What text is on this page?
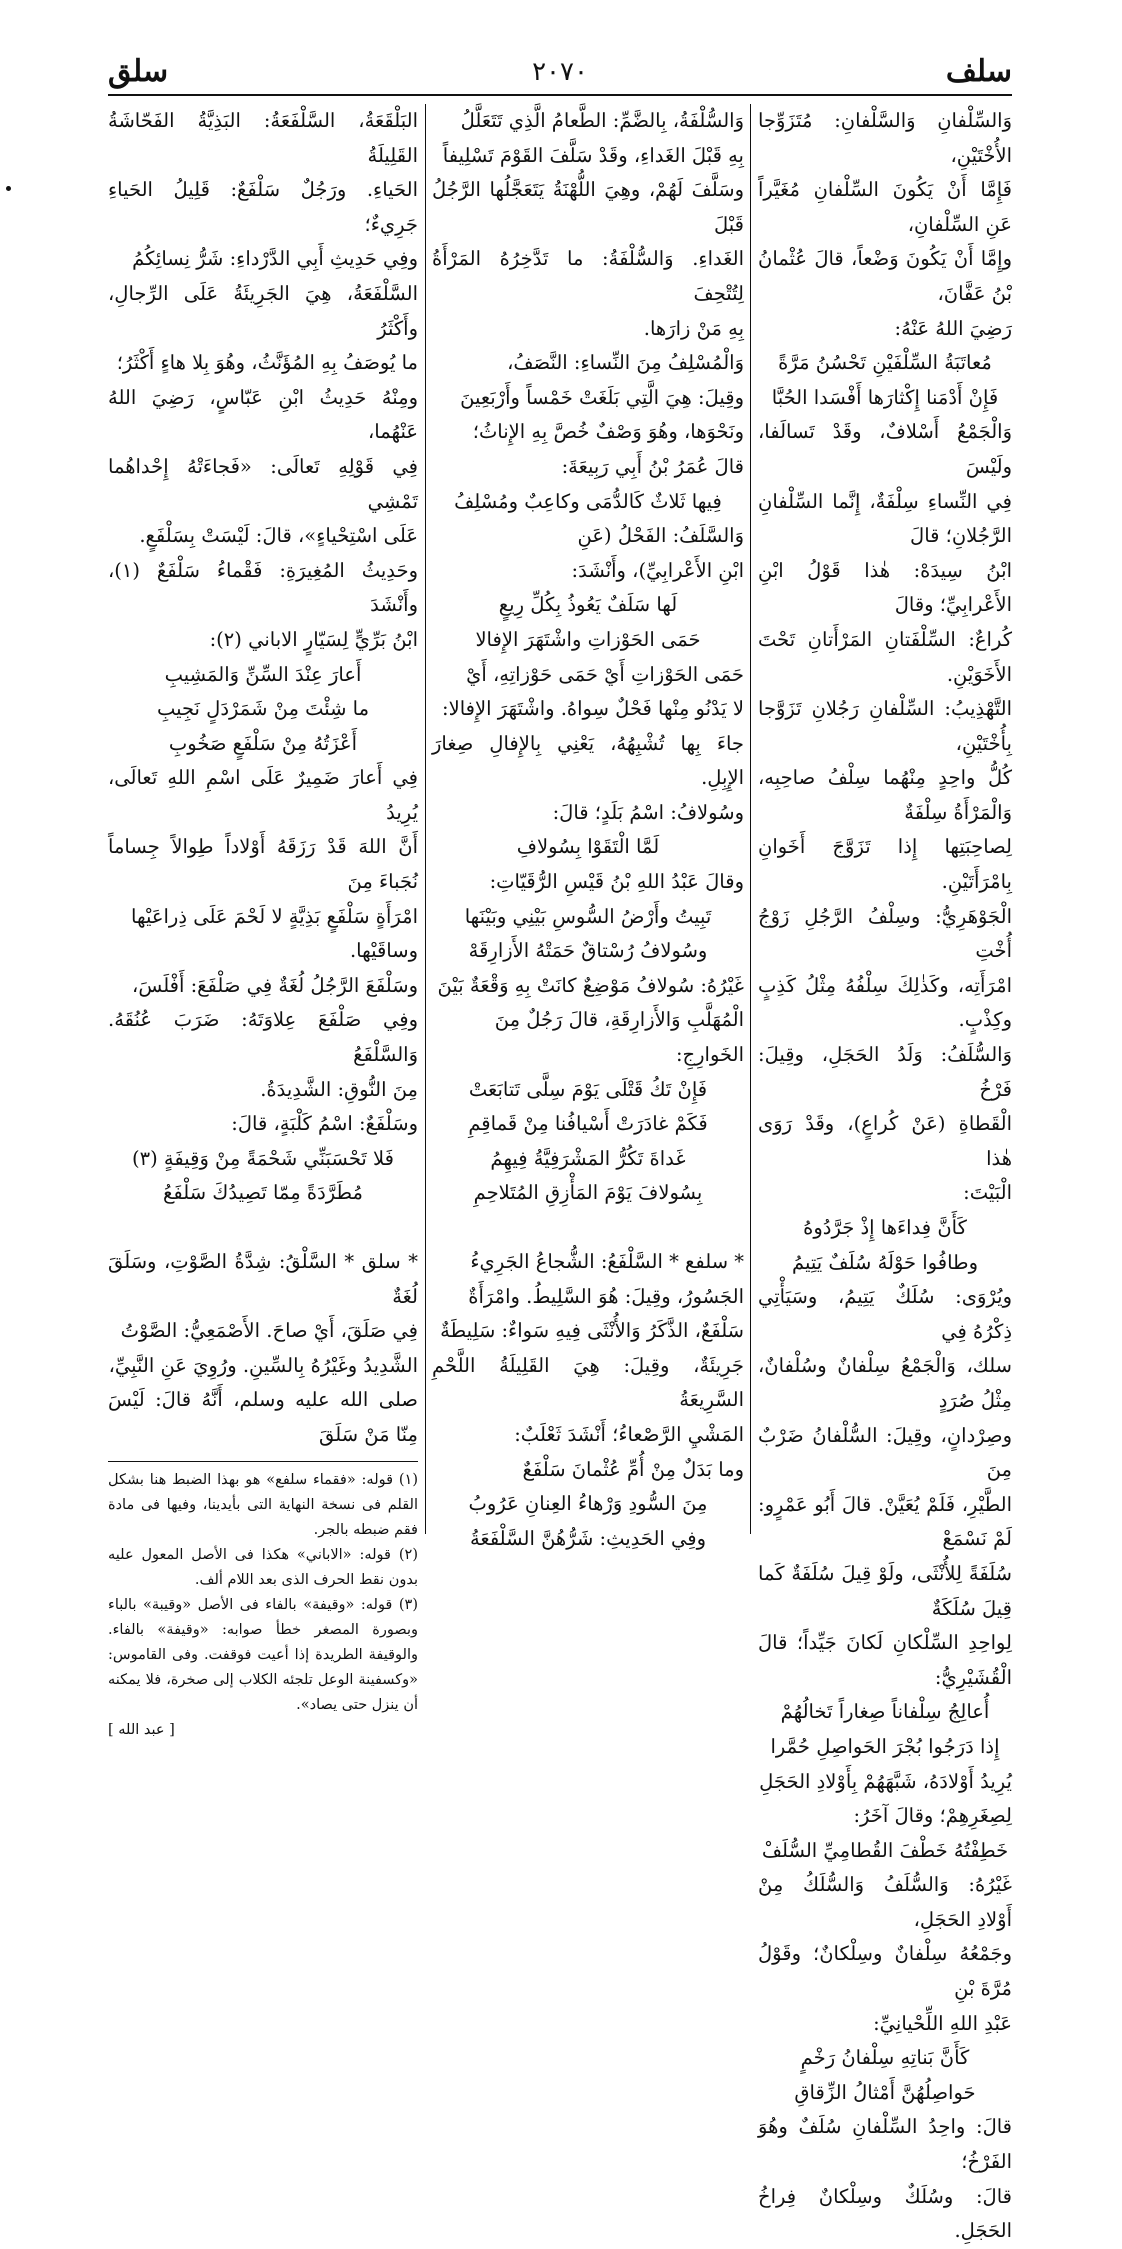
سلف
٢٠٧٠
سلق

وَالسِّلْفانِ وَالسَّلْفانِ: مُتَزَوِّجا الأُخْتَيْنِ،

فَإِمَّا أَنْ يَكُونَ السِّلْفانِ مُغَيَّراً عَنِ السِّلْفانِ،

وإِمَّا أَنْ يَكُونَ وَضْعاً، قالَ عُثْمانُ بْنُ عَفَّانَ،

رَضِيَ اللهُ عَنْهُ:

مُعاتَبَةُ السِّلْفَيْنِ تَحْسُنُ مَرَّةً

فَإِنْ أَدْمَنا إِكْثارَها أَفْسَدا الحُبَّا

وَالْجَمْعُ أَسْلافٌ، وقَدْ تَسالَفا، ولَيْسَ

فِي النِّساءِ سِلْفَةٌ، إِنَّما السِّلْفانِ الرَّجُلانِ؛ قالَ

ابْنُ سِيدَهْ: هٰذا قَوْلُ ابْنِ الأَعْرابِيِّ؛ وقالَ

كُراعٌ: السِّلْفَتانِ المَرْأَتانِ تَحْتَ الأَخَوَيْنِ.

التَّهْذِيبُ: السِّلْفانِ رَجُلانِ تَزَوَّجا بِأُخْتَيْنِ،

كُلُّ واحِدٍ مِنْهُما سِلْفُ صاحِبِه، وَالْمَرْأَةُ سِلْفَةٌ

لِصاحِبَتِها إِذا تَزَوَّجَ أَخَوانِ بِامْرَأَتَيْنِ.

الْجَوْهَرِيُّ: وسِلْفُ الرَّجُلِ زَوْجُ أُخْتِ

امْرَأَتِه، وكَذٰلِكَ سِلْفُهُ مِثْلُ كَذِبٍ وكِذْبٍ.

وَالسُّلَفُ: وَلَدُ الحَجَلِ، وقِيلَ: فَرْخُ

الْقَطاةِ (عَنْ كُراعٍ)، وقَدْ رَوَى هٰذا

الْبَيْتَ:

كَأَنَّ فِداءَها إِذْ جَرَّدُوهُ

وطافُوا حَوْلَهُ سُلَفٌ يَتِيمُ

ويُرْوَى: سُلَكٌ يَتِيمُ، وسَيَأْتِي ذِكْرُهُ فِي

سلك، وَالْجَمْعُ سِلْفانٌ وسُلْفانٌ، مِثْلُ صُرَدٍ

وصِرْدانٍ، وقِيلَ: السُّلْفانُ ضَرْبٌ مِنَ

الطَّيْرِ، فَلَمْ يُعَيَّنْ. قالَ أَبُو عَمْرٍو: لَمْ نَسْمَعْ

سُلَفَةً لِلأُنْثَى، ولَوْ قِيلَ سُلَفَةٌ كَما قِيلَ سُلَكَةٌ

لِواحِدِ السِّلْكانِ لَكانَ جَيِّداً؛ قالَ الْقُشَيْرِيُّ:

أُعالِجُ سِلْفاناً صِغاراً تَخالُهُمْ

إِذا دَرَجُوا بُجْرَ الحَواصِلِ حُمَّرا

يُرِيدُ أَوْلادَهُ، شَبَّهَهُمْ بِأَوْلادِ الحَجَلِ

لِصِغَرِهِمْ؛ وقالَ آخَرُ:

خَطِفْتُهُ خَطْفَ القُطامِيِّ السُّلَفْ

غَيْرُهُ: وَالسُّلَفُ وَالسُّلَكُ مِنْ أَوْلادِ الحَجَلِ،

وجَمْعُهُ سِلْفانٌ وسِلْكانٌ؛ وقَوْلُ مُرَّةَ بْنِ

عَبْدِ اللهِ اللِّحْيانِيِّ:

كَأَنَّ بَناتِهِ سِلْفانُ رَخْمٍ

حَواصِلُهُنَّ أَمْثالُ الزِّقاقِ

قالَ: واحِدُ السِّلْفانِ سُلَفٌ وهُوَ الفَرْخُ؛

قالَ: وسُلَكٌ وسِلْكانٌ فِراخُ الحَجَلِ.

وَالسُّلْفَةُ، بِالضَّمِّ: الطَّعامُ الَّذِي تَتَعَلَّلُ

بِهِ قَبْلَ الغَداءِ، وقَدْ سَلَّفَ القَوْمَ تَسْلِيفاً

وسَلَّفَ لَهُمْ، وهِيَ اللُّهْنَةُ يَتَعَجَّلُها الرَّجُلُ قَبْلَ

الغَداءِ. وَالسُّلْفَةُ: ما تَدَّخِرُهُ المَرْأَةُ لِتُتْحِفَ

بِهِ مَنْ زارَها.

وَالْمُسْلِفُ مِنَ النِّساءِ: النَّصَفُ،

وقِيلَ: هِيَ الَّتِي بَلَغَتْ خَمْساً وأَرْبَعِينَ

ونَحْوَها، وهُوَ وَصْفٌ خُصَّ بِهِ الإِناثُ؛

قالَ عُمَرُ بْنُ أَبِي رَبِيعَةَ:

فِيها ثَلاثٌ كَالدُّمَى وكاعِبٌ ومُسْلِفُ

وَالسَّلَفُ: الفَحْلُ (عَنِ

ابْنِ الأَعْرابِيِّ)، وأَنْشَدَ:

لَها سَلَفٌ يَعُوذُ بِكُلِّ رِيعٍ

حَمَى الحَوْزاتِ واشْتَهَرَ الإِفالا

حَمَى الحَوْزاتِ أَيْ حَمَى حَوْزاتِهِ، أَيْ

لا يَدْنُو مِنْها فَحْلٌ سِواهُ. واشْتَهَرَ الإِفالا:

جاءَ بِها تُشْبِهُهُ، يَعْنِي بِالإِفالِ صِغارَ الإِبِلِ.

وسُولافُ: اسْمُ بَلَدٍ؛ قالَ:

لَمَّا الْتَقَوْا بِسُولافِ

وقالَ عَبْدُ اللهِ بْنُ قَيْسِ الرُّقَيّاتِ:

تَبِيتُ وأَرْضُ السُّوسِ بَيْنِي وبَيْنَها

وسُولافُ رُسْتاقٌ حَمَتْهُ الأَزارِقَهْ

غَيْرُهُ: سُولافُ مَوْضِعٌ كانَتْ بِهِ وَقْعَةٌ بَيْنَ

الْمُهَلَّبِ وَالأَزارِقَةِ، قالَ رَجُلٌ مِنَ

الخَوارِجِ:

فَإِنْ تَكُ قَتْلَى يَوْمَ سِلَّى تَتابَعَتْ

فَكَمْ غادَرَتْ أَسْيافُنا مِنْ قَماقِمِ

غَداةَ تَكُرُّ المَشْرَفِيَّةُ فِيهِمُ

بِسُولافَ يَوْمَ المَأْزِقِ المُتَلاحِمِ

* سلفع * السَّلْفَعُ: الشُّجاعُ الجَرِيءُ

الجَسُورُ، وقِيلَ: هُوَ السَّلِيطُ. وامْرَأَةٌ

سَلْفَعٌ، الذَّكَرُ وَالأُنْثَى فِيهِ سَواءٌ: سَلِيطَةٌ

جَرِيئَةٌ، وقِيلَ: هِيَ القَلِيلَةُ اللَّحْمِ السَّرِيعَةُ

المَشْيِ الرَّصْعاءُ؛ أَنْشَدَ ثَعْلَبٌ:

وما بَدَلٌ مِنْ أُمِّ عُثْمانَ سَلْفَعٌ

مِنَ السُّودِ وَرْهاءُ العِنانِ عَرُوبُ

وفِي الحَدِيثِ: شَرُّهُنَّ السَّلْفَعَةُ

البَلْقَعَةُ، السَّلْفَعَةُ: البَذِيَّةُ الفَحّاشَةُ القَلِيلَةُ

الحَياءِ. ورَجُلٌ سَلْفَعٌ: قَلِيلُ الحَياءِ جَرِيءٌ؛

وفِي حَدِيثِ أَبِي الدَّرْداءِ: شَرُّ نِسائِكُمُ

السَّلْفَعَةُ، هِيَ الجَرِيئَةُ عَلَى الرِّجالِ، وأَكْثَرُ

ما يُوصَفُ بِهِ المُؤَنَّثُ، وهُوَ بِلا هاءٍ أَكْثَرُ؛

ومِنْهُ حَدِيثُ ابْنِ عَبّاسٍ، رَضِيَ اللهُ عَنْهُما،

فِي قَوْلِهِ تَعالَى: «فَجاءَتْهُ إِحْداهُما تَمْشِي

عَلَى اسْتِحْياءٍ»، قالَ: لَيْسَتْ بِسَلْفَعٍ.

وحَدِيثُ المُغِيرَةِ: فَقْماءُ سَلْفَعٌ (١)، وأَنْشَدَ

ابْنُ بَرِّيٍّ لِسَيّارٍ الاباني (٢):

أَعارَ عِنْدَ السِّنِّ وَالمَشِيبِ

ما شِئْتَ مِنْ شَمَرْدَلٍ نَجِيبِ

أَعْزَتُهُ مِنْ سَلْفَعٍ صَخُوبِ

فِي أَعارَ ضَمِيرٌ عَلَى اسْمِ اللهِ تَعالَى، يُرِيدُ

أَنَّ اللهَ قَدْ رَزَقَهُ أَوْلاداً طِوالاً جِساماً نُجَباءَ مِنَ

امْرَأَةٍ سَلْفَعٍ بَذِيَّةٍ لا لَحْمَ عَلَى ذِراعَيْها

وساقَيْها.

وسَلْفَعَ الرَّجُلُ لُغَةٌ فِي صَلْفَعَ: أَفْلَسَ،

وفِي صَلْفَعَ عِلاوَتَهُ: ضَرَبَ عُنُقَهُ. وَالسَّلْفَعُ

مِنَ النُّوقِ: الشَّدِيدَةُ.

وسَلْفَعٌ: اسْمُ كَلْبَةٍ، قالَ:

فَلا تَحْسَبَنِّي شَحْمَةً مِنْ وَقِيفَةٍ (٣)

مُطَرَّدَةً مِمّا تَصِيدُكَ سَلْفَعُ

* سلق * السَّلْقُ: شِدَّةُ الصَّوْتِ، وسَلَقَ لُغَةٌ

فِي صَلَقَ، أَيْ صاحَ. الأَصْمَعِيُّ: الصَّوْتُ

الشَّدِيدُ وغَيْرُهُ بِالسِّينِ. ورُوِيَ عَنِ النَّبِيِّ،

صلى الله عليه وسلم، أَنَّهُ قالَ: لَيْسَ مِنّا مَنْ سَلَقَ

(١) قوله: «فقماء سلفع» هو بهذا الضبط هنا بشكل القلم فى نسخة النهاية التى بأيدينا، وفيها فى مادة فقم ضبطه بالجر.

(٢) قوله: «الاباني» هكذا فى الأصل المعول عليه بدون نقط الحرف الذى بعد اللام ألف.

(٣) قوله: «وقيفة» بالفاء فى الأصل «وقيبة» بالباء وبصورة المصغر خطأ صوابه: «وقيفة» بالفاء. والوقيفة الطريدة إذا أعيت فوقفت. وفى القاموس: «وكسفينة الوعل تلجئه الكلاب إلى صخرة، فلا يمكنه أن ينزل حتى يصاد».

[ عبد الله ]
